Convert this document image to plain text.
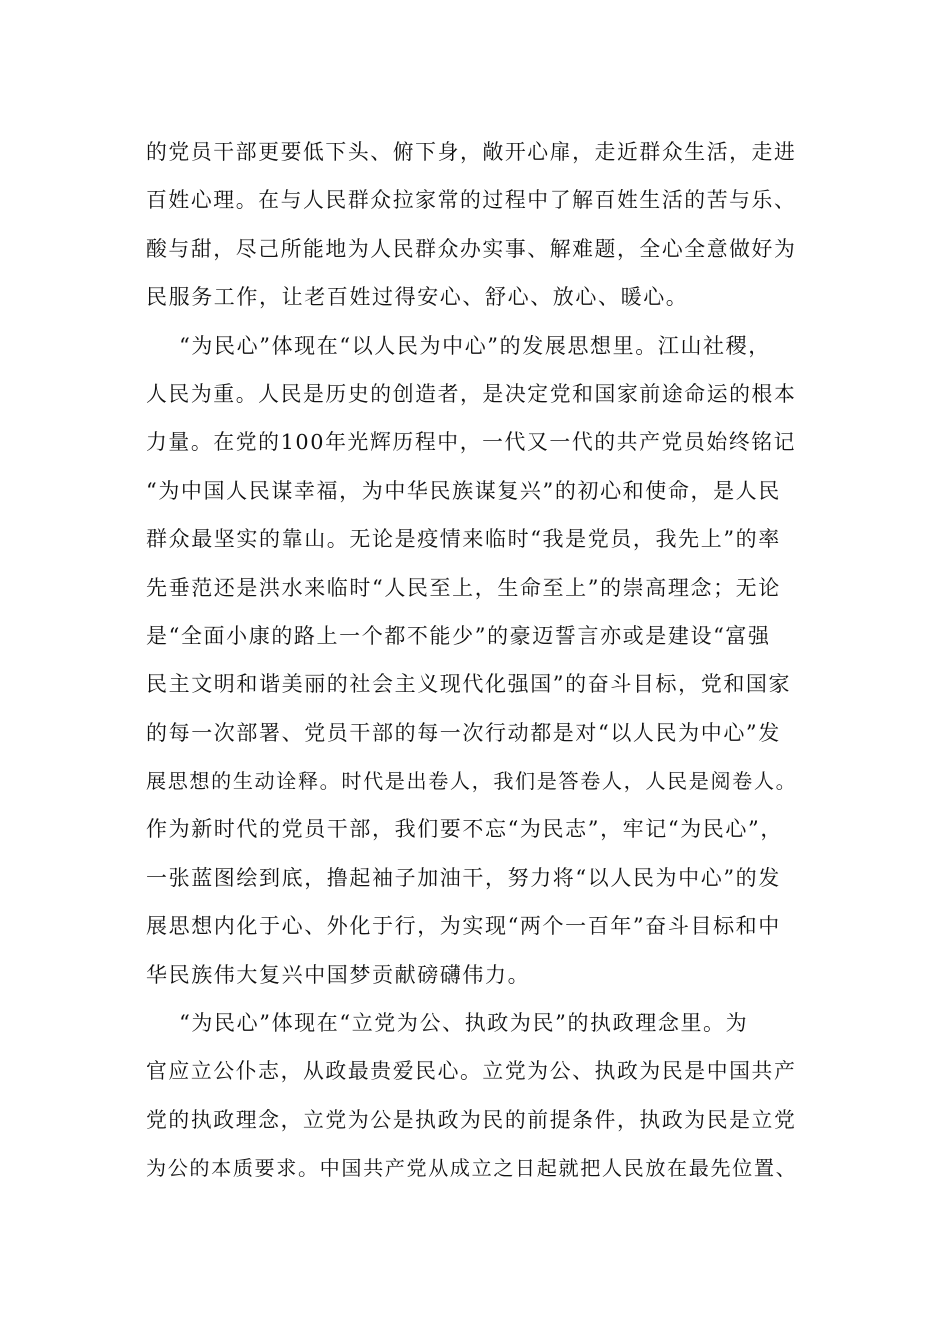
的党员干部更要低下头、俯下身，敞开心扉，走近群众生活，走进
百姓心理。在与人民群众拉家常的过程中了解百姓生活的苦与乐、
酸与甜，尽己所能地为人民群众办实事、解难题，全心全意做好为
民服务工作，让老百姓过得安心、舒心、放心、暖心。
“为民心”体现在“以人民为中心”的发展思想里。江山社稷，
人民为重。人民是历史的创造者，是决定党和国家前途命运的根本
力量。在党的100年光辉历程中，一代又一代的共产党员始终铭记
“为中国人民谋幸福，为中华民族谋复兴”的初心和使命，是人民
群众最坚实的靠山。无论是疫情来临时“我是党员，我先上”的率
先垂范还是洪水来临时“人民至上，生命至上”的崇高理念；无论
是“全面小康的路上一个都不能少”的豪迈誓言亦或是建设“富强
民主文明和谐美丽的社会主义现代化强国”的奋斗目标，党和国家
的每一次部署、党员干部的每一次行动都是对“以人民为中心”发
展思想的生动诠释。时代是出卷人，我们是答卷人，人民是阅卷人。
作为新时代的党员干部，我们要不忘“为民志”，牢记“为民心”，
一张蓝图绘到底，撸起袖子加油干，努力将“以人民为中心”的发
展思想内化于心、外化于行，为实现“两个一百年”奋斗目标和中
华民族伟大复兴中国梦贡献磅礴伟力。
“为民心”体现在“立党为公、执政为民”的执政理念里。为
官应立公仆志，从政最贵爱民心。立党为公、执政为民是中国共产
党的执政理念，立党为公是执政为民的前提条件，执政为民是立党
为公的本质要求。中国共产党从成立之日起就把人民放在最先位置、
